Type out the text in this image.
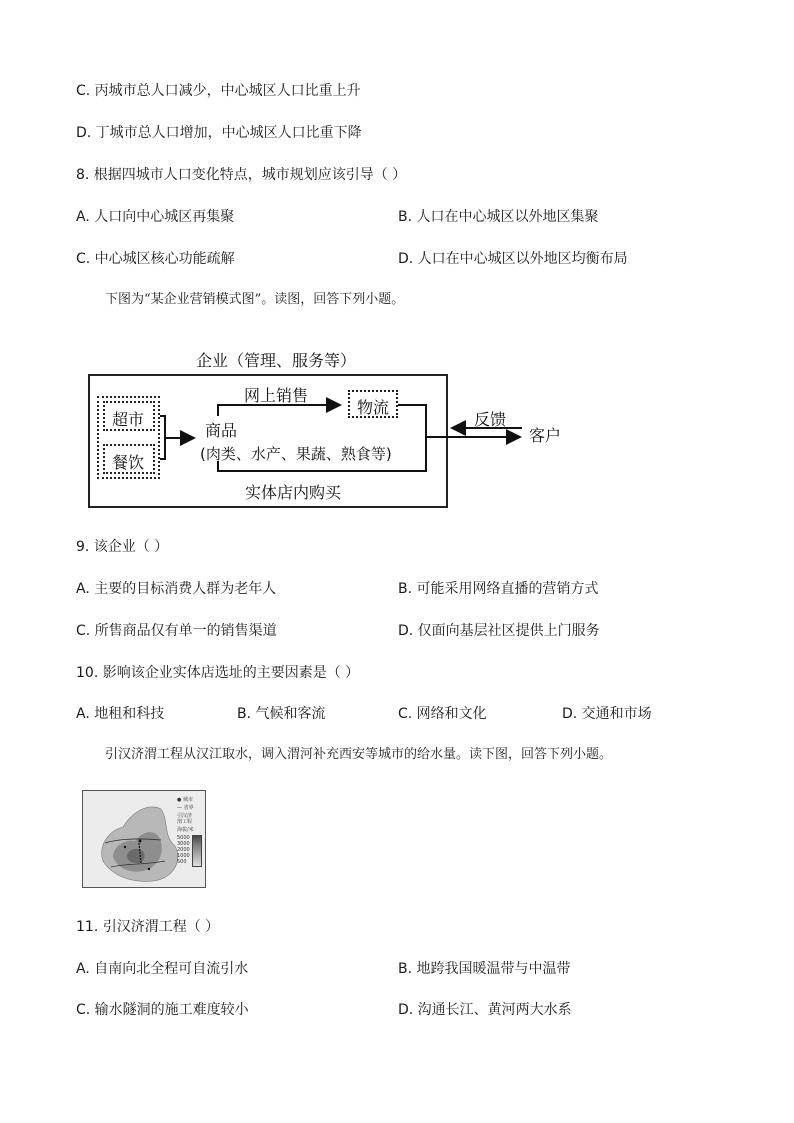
C. 丙城市总人口减少，中心城区人口比重上升
D. 丁城市总人口增加，中心城区人口比重下降
8. 根据四城市人口变化特点，城市规划应该引导（ ）
A. 人口向中心城区再集聚	B. 人口在中心城区以外地区集聚
C. 中心城区核心功能疏解	D. 人口在中心城区以外地区均衡布局
下图为“某企业营销模式图”。读图，回答下列小题。
企业（管理、服务等）
超市
餐饮
商品
(肉类、水产、果蔬、熟食等)
网上销售
物流
反馈
客户
实体店内购买
9. 该企业（ ）
A. 主要的目标消费人群为老年人	B. 可能采用网络直播的营销方式
C. 所售商品仅有单一的销售渠道	D. 仅面向基层社区提供上门服务
10. 影响该企业实体店选址的主要因素是（ ）
A. 地租和科技	B. 气候和客流	C. 网络和文化	D. 交通和市场
引汉济渭工程从汉江取水，调入渭河补充西安等城市的给水量。读下图，回答下列小题。
● 城市
— 省界
引汉济
渭工程
海拔/米
5000
3000
2000
1000
500
11. 引汉济渭工程（ ）
A. 自南向北全程可自流引水	B. 地跨我国暖温带与中温带
C. 输水隧洞的施工难度较小	D. 沟通长江、黄河两大水系
